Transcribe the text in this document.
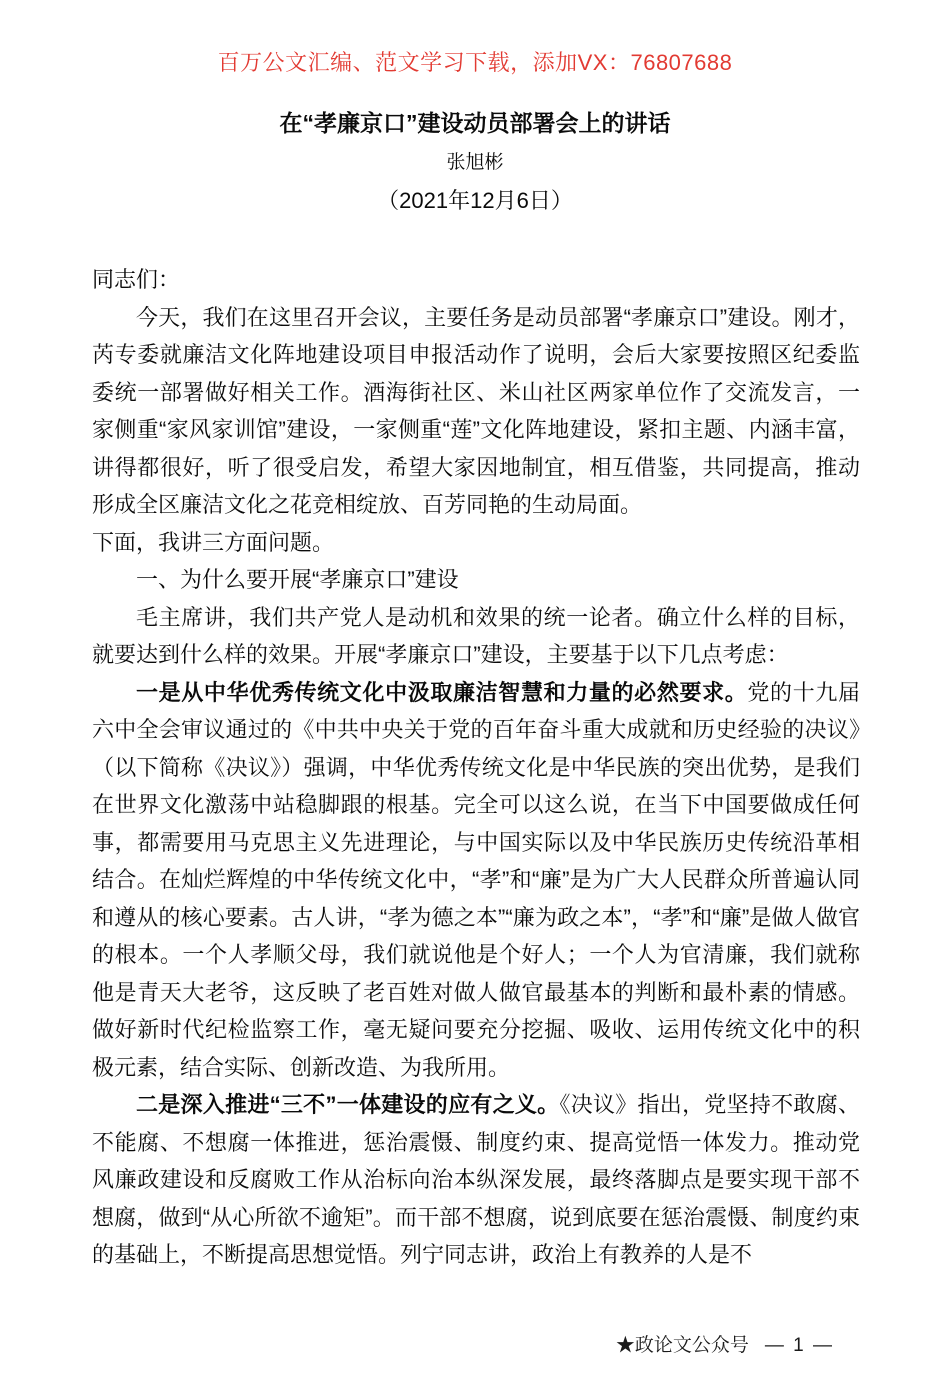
百万公文汇编、范文学习下载，添加VX：76807688
在“孝廉京口”建设动员部署会上的讲话
张旭彬
（2021年12月6日）

同志们：

今天，我们在这里召开会议，主要任务是动员部署“孝廉京口”建设。刚才，芮专委就廉洁文化阵地建设项目申报活动作了说明，会后大家要按照区纪委监委统一部署做好相关工作。酒海街社区、米山社区两家单位作了交流发言，一家侧重“家风家训馆”建设，一家侧重“莲”文化阵地建设，紧扣主题、内涵丰富，讲得都很好，听了很受启发，希望大家因地制宜，相互借鉴，共同提高，推动形成全区廉洁文化之花竞相绽放、百芳同艳的生动局面。

下面，我讲三方面问题。

一、为什么要开展“孝廉京口”建设

毛主席讲，我们共产党人是动机和效果的统一论者。确立什么样的目标，就要达到什么样的效果。开展“孝廉京口”建设，主要基于以下几点考虑：

一是从中华优秀传统文化中汲取廉洁智慧和力量的必然要求。党的十九届六中全会审议通过的《中共中央关于党的百年奋斗重大成就和历史经验的决议》（以下简称《决议》）强调，中华优秀传统文化是中华民族的突出优势，是我们在世界文化激荡中站稳脚跟的根基。完全可以这么说，在当下中国要做成任何事，都需要用马克思主义先进理论，与中国实际以及中华民族历史传统沿革相结合。在灿烂辉煌的中华传统文化中，“孝”和“廉”是为广大人民群众所普遍认同和遵从的核心要素。古人讲，“孝为德之本”“廉为政之本”，“孝”和“廉”是做人做官的根本。一个人孝顺父母，我们就说他是个好人；一个人为官清廉，我们就称他是青天大老爷，这反映了老百姓对做人做官最基本的判断和最朴素的情感。做好新时代纪检监察工作，毫无疑问要充分挖掘、吸收、运用传统文化中的积极元素，结合实际、创新改造、为我所用。

二是深入推进“三不”一体建设的应有之义。《决议》指出，党坚持不敢腐、不能腐、不想腐一体推进，惩治震慑、制度约束、提高觉悟一体发力。推动党风廉政建设和反腐败工作从治标向治本纵深发展，最终落脚点是要实现干部不想腐，做到“从心所欲不逾矩”。而干部不想腐，说到底要在惩治震慑、制度约束的基础上，不断提高思想觉悟。列宁同志讲，政治上有教养的人是不

★政论文公众号 — 1 —
